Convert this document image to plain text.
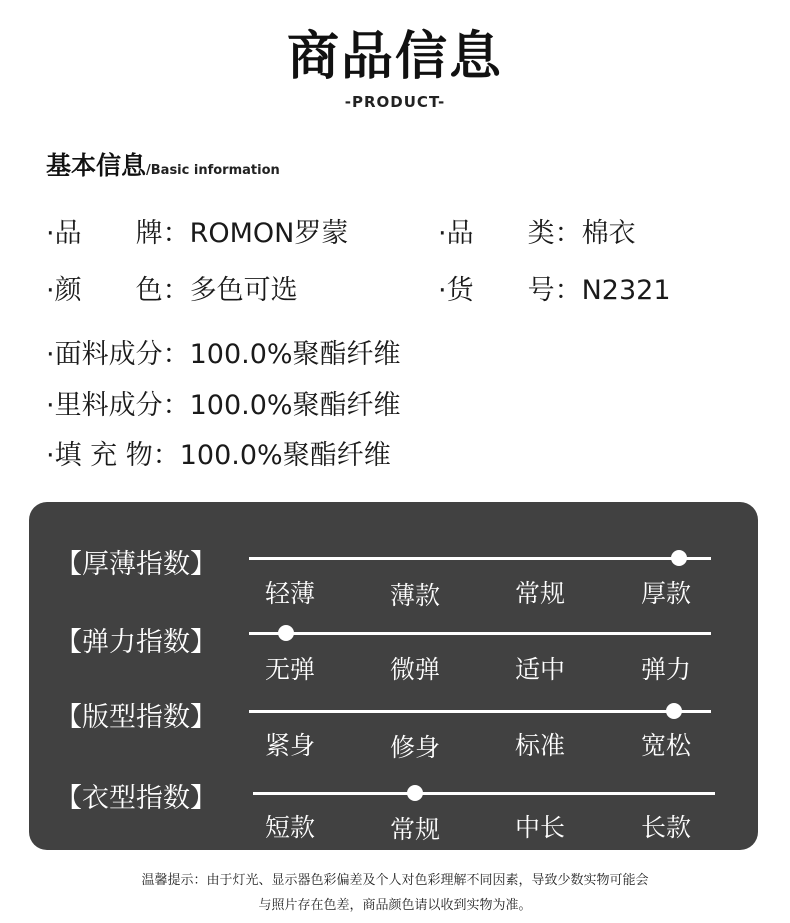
商品信息
-PRODUCT-
基本信息/Basic information
·品　　牌：ROMON罗蒙	·品　　类：棉衣
·颜　　色：多色可选	·货　　号：N2321
·面料成分：100.0%聚酯纤维
·里料成分：100.0%聚酯纤维
·填 充 物：100.0%聚酯纤维
【厚薄指数】
轻薄	薄款	常规	厚款
【弹力指数】
无弹	微弹	适中	弹力
【版型指数】
紧身	修身	标准	宽松
【衣型指数】
短款	常规	中长	长款
温馨提示：由于灯光、显示器色彩偏差及个人对色彩理解不同因素，导致少数实物可能会
与照片存在色差，商品颜色请以收到实物为准。
